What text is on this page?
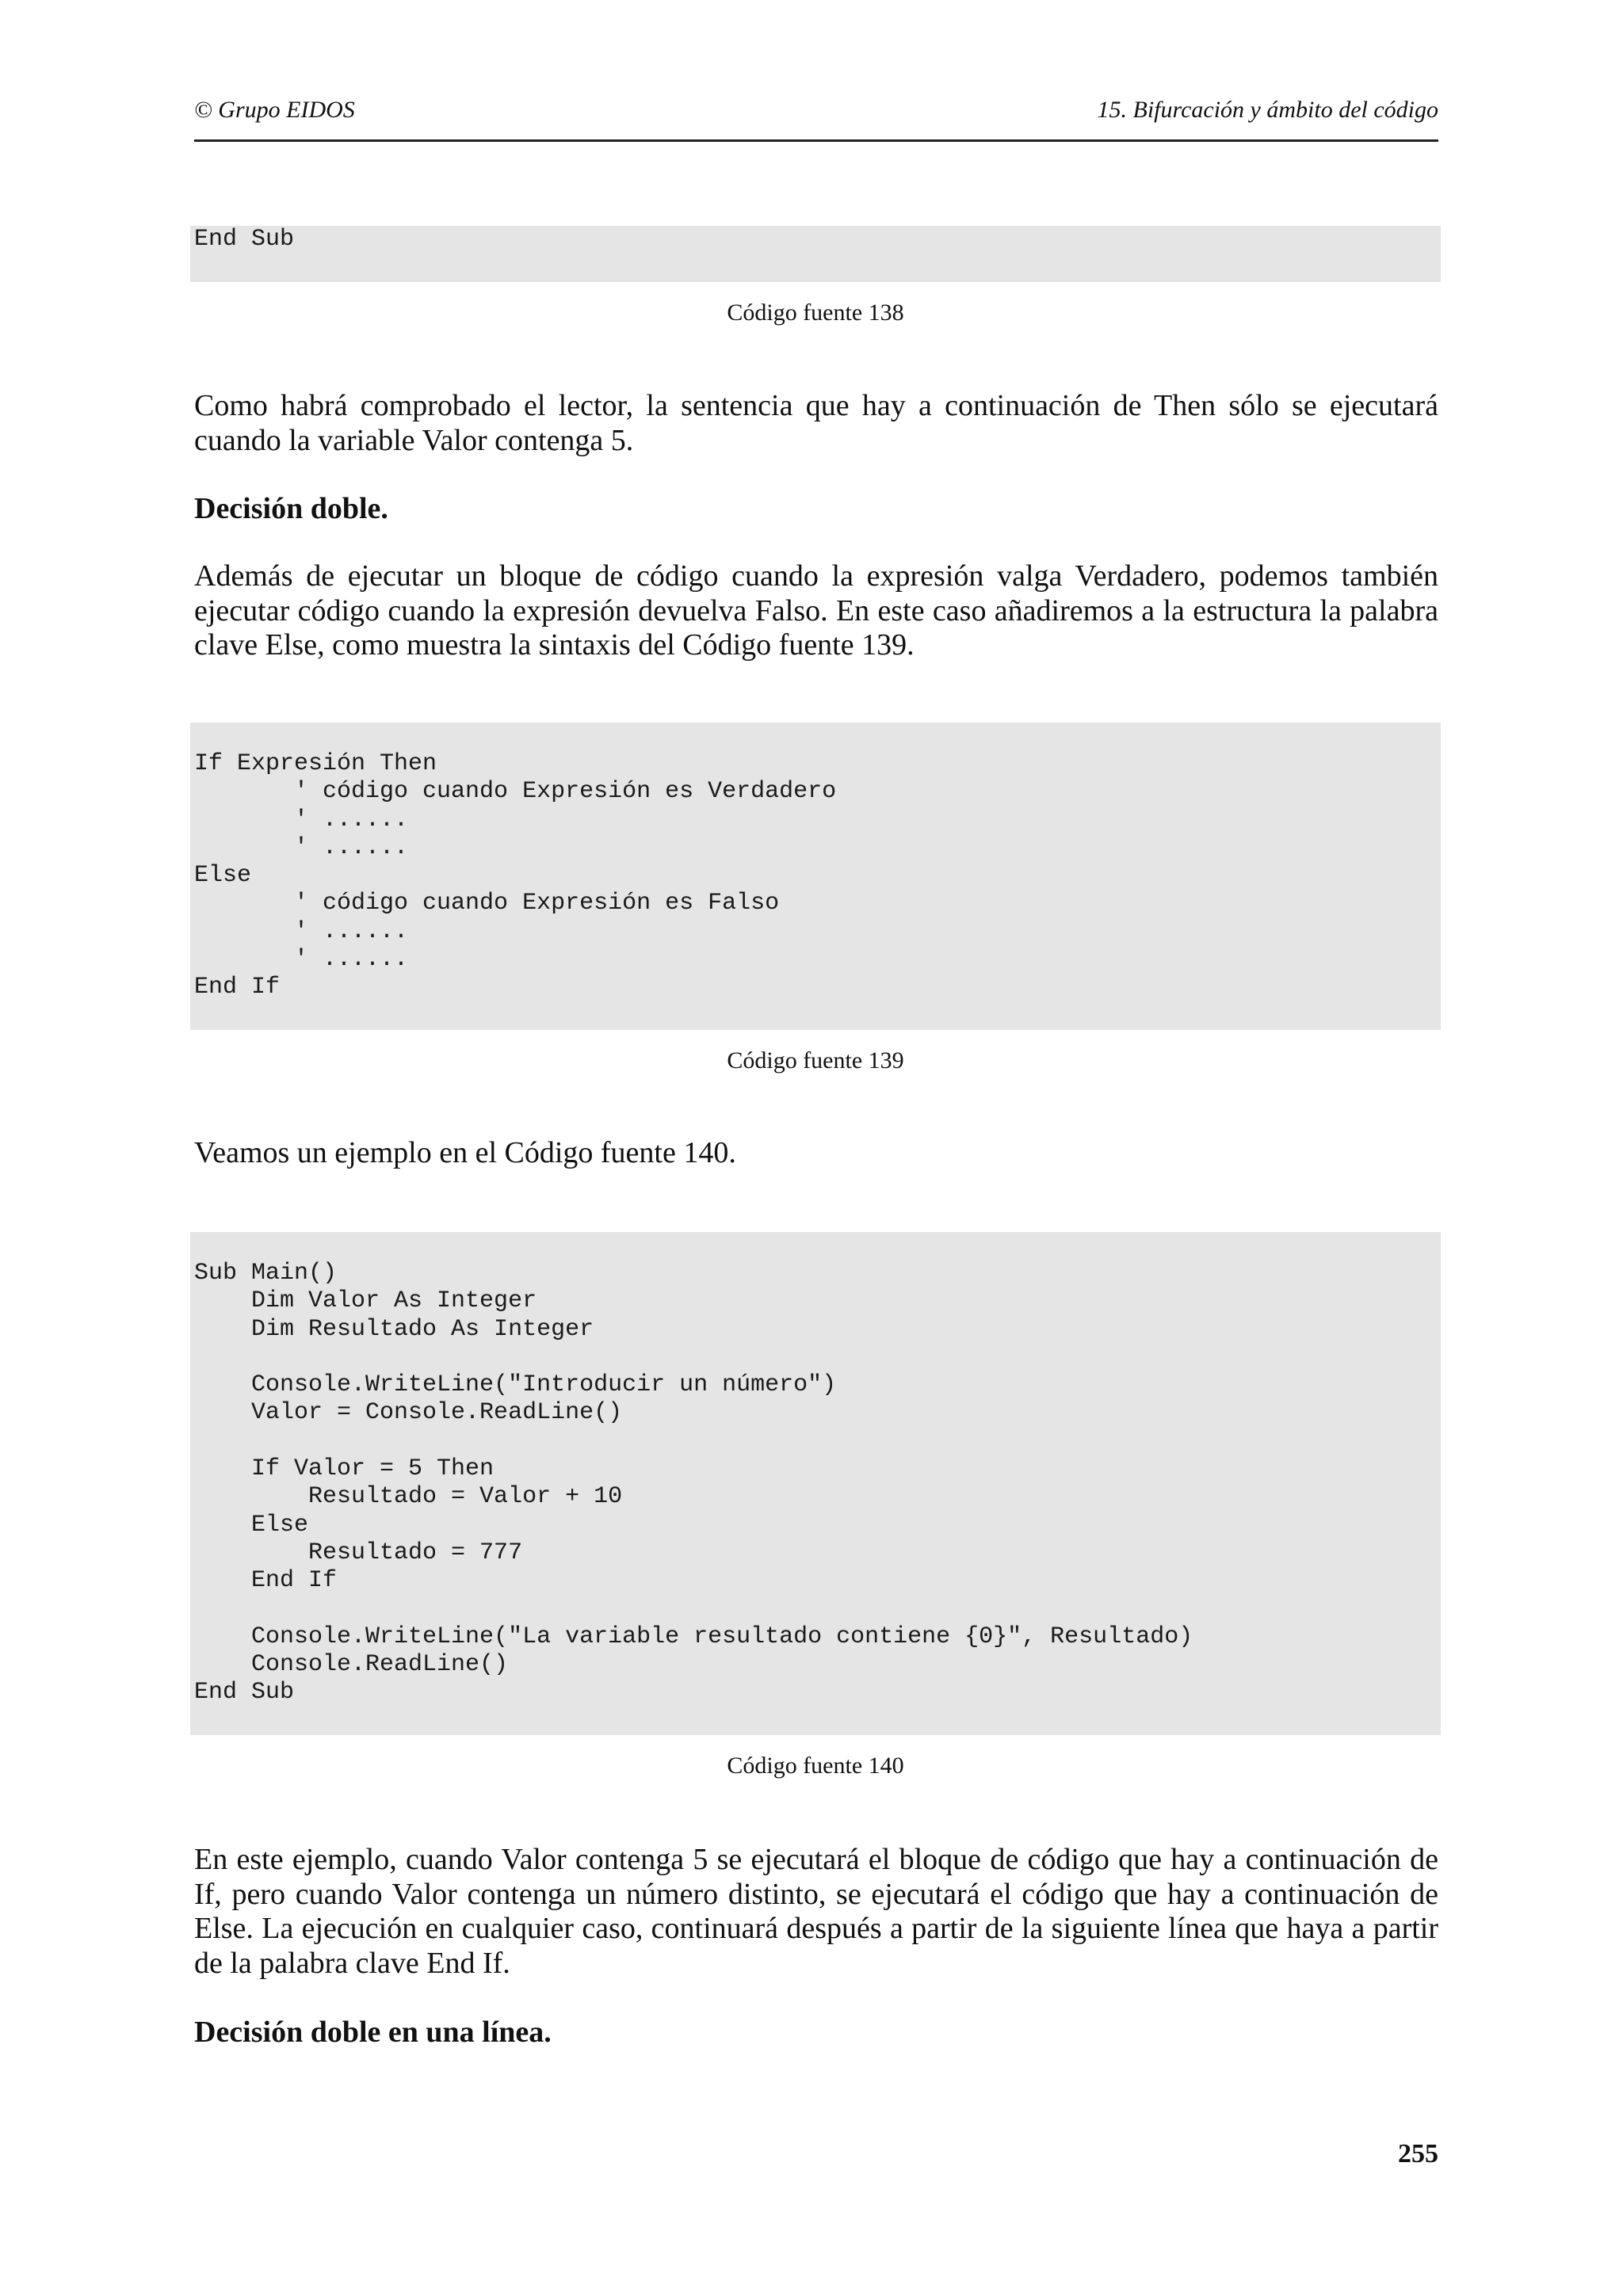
© Grupo EIDOS	15. Bifurcación y ámbito del código
End Sub
Código fuente 138

Como habrá comprobado el lector, la sentencia que hay a continuación de Then sólo se ejecutará cuando la variable Valor contenga 5.

Decisión doble.

Además de ejecutar un bloque de código cuando la expresión valga Verdadero, podemos también ejecutar código cuando la expresión devuelva Falso. En este caso añadiremos a la estructura la palabra clave Else, como muestra la sintaxis del Código fuente 139.

If Expresión Then
' código cuando Expresión es Verdadero
' ......
' ......
Else
' código cuando Expresión es Falso
' ......
' ......
End If
Código fuente 139

Veamos un ejemplo en el Código fuente 140.

Sub Main()
Dim Valor As Integer
Dim Resultado As Integer

Console.WriteLine("Introducir un número")
Valor = Console.ReadLine()

If Valor = 5 Then
Resultado = Valor + 10
Else
Resultado = 777
End If

Console.WriteLine("La variable resultado contiene {0}", Resultado)
Console.ReadLine()
End Sub
Código fuente 140

En este ejemplo, cuando Valor contenga 5 se ejecutará el bloque de código que hay a continuación de If, pero cuando Valor contenga un número distinto, se ejecutará el código que hay a continuación de Else. La ejecución en cualquier caso, continuará después a partir de la siguiente línea que haya a partir de la palabra clave End If.

Decisión doble en una línea.

255
